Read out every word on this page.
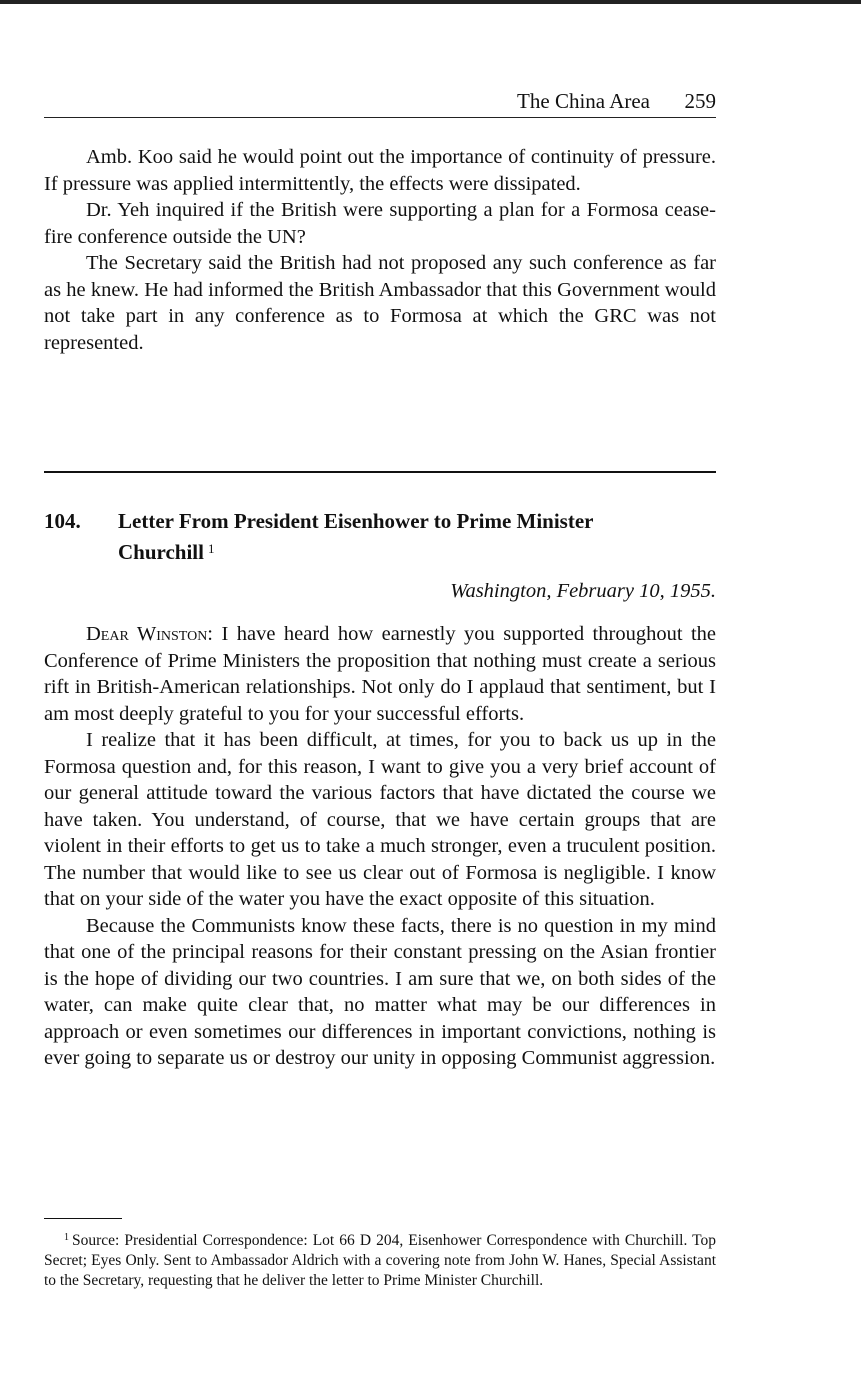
The China Area 259

Amb. Koo said he would point out the importance of continuity of pressure. If pressure was applied intermittently, the effects were dissipated.

Dr. Yeh inquired if the British were supporting a plan for a Formosa cease-fire conference outside the UN?

The Secretary said the British had not proposed any such conference as far as he knew. He had informed the British Ambassador that this Government would not take part in any conference as to Formosa at which the GRC was not represented.

104. Letter From President Eisenhower to Prime Minister Churchill $^1$
Washington, February 10, 1955.

Dear Winston: I have heard how earnestly you supported throughout the Conference of Prime Ministers the proposition that nothing must create a serious rift in British-American relationships. Not only do I applaud that sentiment, but I am most deeply grateful to you for your successful efforts.

I realize that it has been difficult, at times, for you to back us up in the Formosa question and, for this reason, I want to give you a very brief account of our general attitude toward the various factors that have dictated the course we have taken. You understand, of course, that we have certain groups that are violent in their efforts to get us to take a much stronger, even a truculent position. The number that would like to see us clear out of Formosa is negligible. I know that on your side of the water you have the exact opposite of this situation.

Because the Communists know these facts, there is no question in my mind that one of the principal reasons for their constant pressing on the Asian frontier is the hope of dividing our two countries. I am sure that we, on both sides of the water, can make quite clear that, no matter what may be our differences in approach or even sometimes our differences in important convictions, nothing is ever going to separate us or destroy our unity in opposing Communist aggression.

$^1$ Source: Presidential Correspondence: Lot 66 D 204, Eisenhower Correspondence with Churchill. Top Secret; Eyes Only. Sent to Ambassador Aldrich with a covering note from John W. Hanes, Special Assistant to the Secretary, requesting that he deliver the letter to Prime Minister Churchill.
